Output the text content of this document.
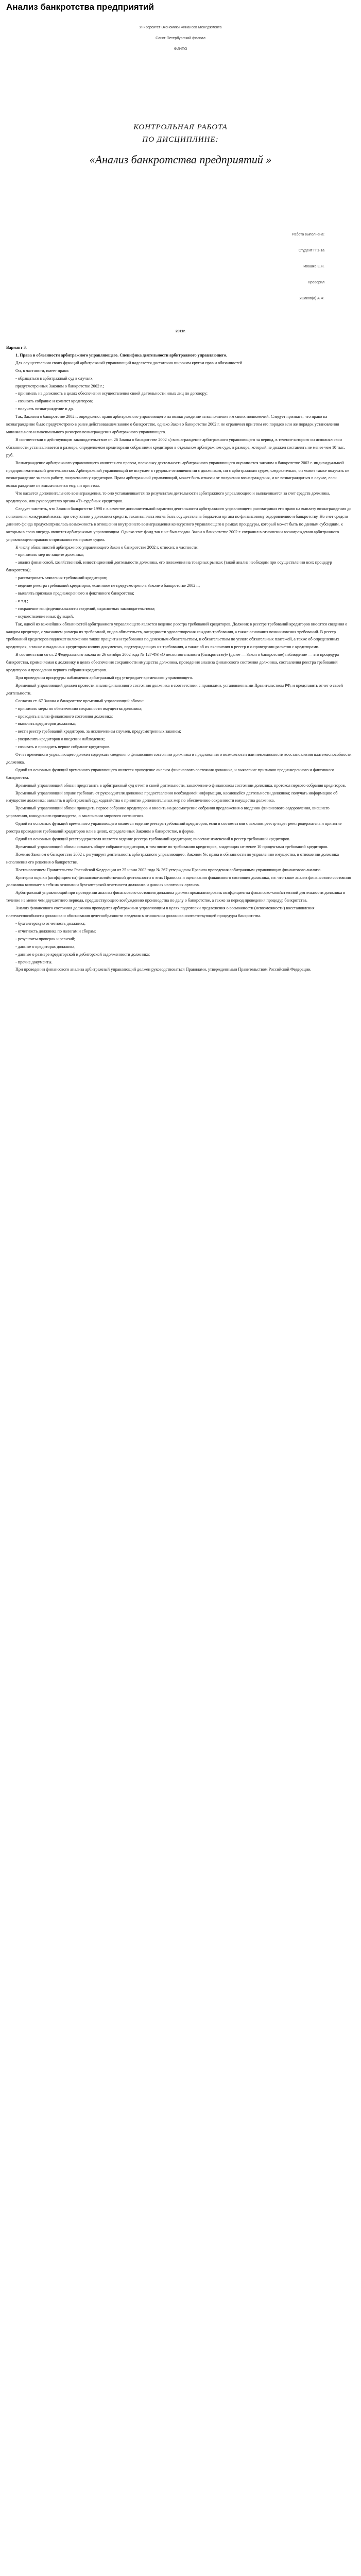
Анализ банкротства предприятий
Университет Экономики Финансов Менеджмента
Санкт-Петербургский филиал
ФИНПО
КОНТРОЛЬНАЯ РАБОТА
ПО ДИСЦИПЛИНЕ:
«Анализ банкротства предприятий »
Работа выполнена:
Студент ГГ1-1а
Ивашко Е.Н.
Проверил
Ушаков(а) А.Ф.
2011г.

Вариант 3.

1. Права и обязанности арбитражного управляющего. Специфика деятельности арбитражного управляющего.

Для осуществления своих функций арбитражный управляющий наделяется достаточно широким кругом прав и обязанностей.

Он, в частности, имеет право:

- обращаться в арбитражный суд в случаях,

предусмотренных Законом о банкротстве 2002 г.;

- принимать на должность в целях обеспечения осуществления своей деятельности иных лиц по договору;

- созывать собрание и комитет кредиторов;

- получать вознаграждение и др.

Так, Законом о банкротстве 2002 г. определено: право арбитражного управляющего на вознаграждение за выполнение им своих полномочий. Следует признать, что право на вознаграждение было предусмотрено в ранее действовавшем законе о банкротстве, однако Закон о банкротстве 2002 г. не ограничил при этом его порядок или же порядок установления минимального и максимального размеров вознаграждения арбитражного управляющего.

В соответствии с действующим законодательством ст. 26 Закона о банкротстве 2002 г.) вознаграждение арбитражного управляющего за период, в течение которого он исполнял свои обязанности устанавливается в размере, определяемом кредиторами собраниями кредиторов в отдельном арбитражном суде, в размере, который не должен составлять не менее чем 10 тыс. руб.

Вознаграждение арбитражного управляющего является его правом, поскольку деятельность арбитражного управляющего оценивается законом о банкротстве 2002 г. индивидуальной предпринимательской деятельностью. Арбитражный управляющий не вступает в трудовые отношения ни с должником, ни с арбитражным судом, следовательно, он может также получать не вознаграждение за свою работу, полученного у кредиторов. Права арбитражный управляющий, может быть отказан от получения вознаграждения, и не вознаграждаться в случае, если вознаграждение не выплачивается ему, ни при этом.

Что касается дополнительного вознаграждения, то оно устанавливается по результатам деятельности арбитражного управляющего и выплачивается за счет средств должника, кредиторов, или руководителю органа «Т» судебных кредиторов.

Следует заметить, что Закон о банкротстве 1998 г. в качестве дополнительной гарантии деятельности арбитражного управляющего рассматривал его право на выплату вознаграждения до пополнения конкурсной массы при отсутствии у должника средств, такая выплата могла быть осуществлена бюджетом органа по финансовому оздоровлению и банкротству. Но счет средств данного фонда предусматривалась возможность в отношении внутреннего вознаграждения конкурсного управляющего в рамках процедуры, который может быть по данным субсидиям, к которым в свою очередь является арбитражным управляющим. Однако этот фонд так и не был создан. Закон о банкротстве 2002 г. сохранил в отношении вознаграждения арбитражного управляющего правило о признании его правом судом.

К числу обязанностей арбитражного управляющего Закон о банкротстве 2002 г. относит, в частности:

- принимать мер по защите должника;

- анализ финансовой, хозяйственной, инвестиционной деятельности должника, его положения на товарных рынках (такой анализ необходим при осуществлении всех процедур банкротства);

- рассматривать заявления требований кредиторов;

- ведение реестра требований кредиторов, если иное не предусмотрено в Законе о банкротстве 2002 г.;

- выявлять признаки преднамеренного и фиктивного банкротства;

- и т.д.;

- сохранение конфиденциальности сведений, охраняемых законодательством;

- осуществление иных функций.

Так, одной из важнейших обязанностей арбитражного управляющего является ведение реестра требований кредиторов. Должник в реестре требований кредиторов вносятся сведения о каждом кредиторе, с указанием размера их требований, видов обязательств, очередности удовлетворения каждого требования, а также основания возникновения требований. В реестр требований кредиторов подлежат включению также проценты и требования по денежным обязательствам, и обязательствам по уплате обязательных платежей, а также об определенных кредиторах, а также о выданных кредиторам копиях документах, подтверждающих их требования, а также об их включения в реестр и о проведении расчетов с кредиторами.

В соответствии со ст. 2 Федерального закона от 26 октября 2002 года № 127-ФЗ «О несостоятельности (банкротстве)» (далее — Закон о банкротстве) наблюдение — это процедура банкротства, применяемая к должнику в целях обеспечения сохранности имущества должника, проведения анализа финансового состояния должника, составления реестра требований кредиторов и проведения первого собрания кредиторов.

При проведении процедуры наблюдения арбитражный суд утверждает временного управляющего.

Временный управляющий должен провести анализ финансового состояния должника в соответствии с правилами, установленными Правительством РФ, и представить отчет о своей деятельности.

Согласно ст. 67 Закона о банкротстве временный управляющий обязан:

- принимать меры по обеспечению сохранности имущества должника;

- проводить анализ финансового состояния должника;

- выявлять кредиторов должника;

- вести реестр требований кредиторов, за исключением случаев, предусмотренных законом;

- уведомлять кредиторов о введении наблюдения;

- созывать и проводить первое собрание кредиторов.

Отчет временного управляющего должен содержать сведения о финансовом состоянии должника и предложения о возможности или невозможности восстановления платежеспособности должника.

Одной из основных функций временного управляющего является проведение анализа финансового состояния должника, и выявление признаков преднамеренного и фиктивного банкротства.

Временный управляющий обязан представить в арбитражный суд отчет о своей деятельности, заключение о финансовом состоянии должника, протокол первого собрания кредиторов.

Временный управляющий вправе требовать от руководителя должника предоставления необходимой информации, касающейся деятельности должника; получать информацию об имуществе должника; заявлять в арбитражный суд ходатайства о принятии дополнительных мер по обеспечению сохранности имущества должника.

Временный управляющий обязан проводить первое собрание кредиторов и вносить на рассмотрение собрания предложения о введении финансового оздоровления, внешнего управления, конкурсного производства, о заключении мирового соглашения.

Одной из основных функций временного управляющего является ведение реестра требований кредиторов, если в соответствии с законом реестр ведет реестродержатель и принятие реестра проведения требований кредиторов или в целях, определенных Законом о банкротстве, в форме.

Одной из основных функций реестродержателя является ведение реестра требований кредиторов; внесение изменений в реестр требований кредиторов.

Временный управляющий обязан созывать общее собрание кредиторов, в том числе по требованию кредиторов, владеющих не менее 10 процентами требований кредиторов.

Помимо Законом о банкротстве 2002 г. регулирует деятельность арбитражного управляющего: Законом №: права и обязанности по управлению имущества, в отношении должника исполнения его решения о банкротстве.

Постановлением Правительства Российской Федерации от 25 июня 2003 года № 367 утверждены Правила проведения арбитражным управляющим финансового анализа.

Критерии оценки (коэффициенты) финансово-хозяйственной деятельности в этих Правилах и оценивания финансового состояния должника, т.е. что такое анализ финансового состояния должника включает в себя на основании бухгалтерской отчетности должника и данных налоговых органов.

Арбитражный управляющий при проведении анализа финансового состояния должника должен проанализировать коэффициенты финансово-хозяйственной деятельности должника в течение не менее чем двухлетнего периода, предшествующего возбуждению производства по делу о банкротстве, а также за период проведения процедур банкротства.

Анализ финансового состояния должника проводится арбитражным управляющим в целях подготовки предложения о возможности (невозможности) восстановления платежеспособности должника и обоснования целесообразности введения в отношении должника соответствующей процедуры банкротства.

- бухгалтерскую отчетность должника;

- отчетность должника по налогам и сборам;

- результаты проверок и ревизий;

- данные о кредиторах должника;

- данные о размере кредиторской и дебиторской задолженности должника;

- прочие документы.

При проведении финансового анализа арбитражный управляющий должен руководствоваться Правилами, утвержденными Правительством Российской Федерации.
